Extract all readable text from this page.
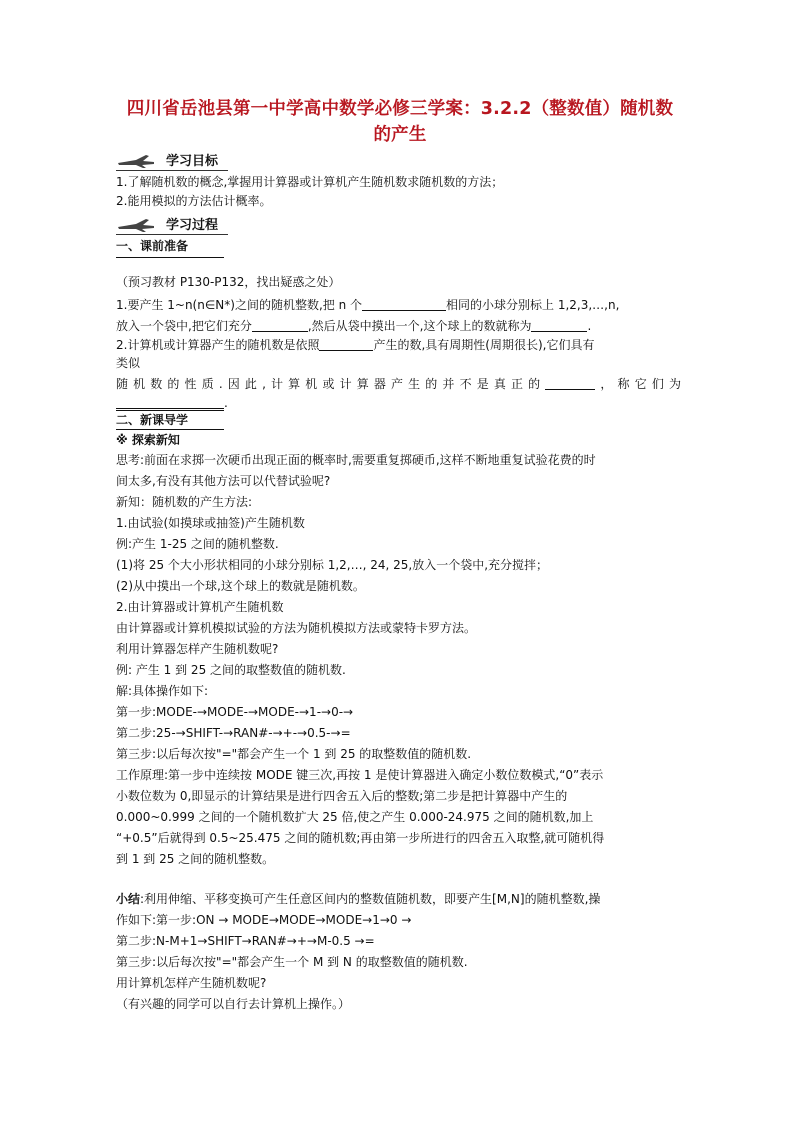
四川省岳池县第一中学高中数学必修三学案：3.2.2（整数值）随机数
的产生
学习目标
1.了解随机数的概念,掌握用计算器或计算机产生随机数求随机数的方法；
2.能用模拟的方法估计概率。
学习过程
一、课前准备
（预习教材 P130-P132，找出疑惑之处）
1.要产生 1~n(n∈N*)之间的随机整数,把 n 个	相同的小球分别标上 1,2,3,…,n,
放入一个袋中,把它们充分	,然后从袋中摸出一个,这个球上的数就称为	.
2.计算机或计算器产生的随机数是依照	产生的数,具有周期性(周期很长),它们具有
类似
随机数的性质.因此,计算机或计算器产生的并不是真正的	，称它们为
.
二、新课导学
※ 探索新知
思考:前面在求掷一次硬币出现正面的概率时,需要重复掷硬币,这样不断地重复试验花费的时
间太多,有没有其他方法可以代替试验呢?
新知：随机数的产生方法:
1.由试验(如摸球或抽签)产生随机数
例:产生 1-25 之间的随机整数.
(1)将 25 个大小形状相同的小球分别标 1,2,…, 24, 25,放入一个袋中,充分搅拌；
(2)从中摸出一个球,这个球上的数就是随机数。
2.由计算器或计算机产生随机数
由计算器或计算机模拟试验的方法为随机模拟方法或蒙特卡罗方法。
利用计算器怎样产生随机数呢?
例: 产生 1 到 25 之间的取整数值的随机数.
解:具体操作如下:
第一步:MODE-→MODE-→MODE-→1-→0-→
第二步:25-→SHIFT-→RAN#-→+-→0.5-→=
第三步:以后每次按"="都会产生一个 1 到 25 的取整数值的随机数.
工作原理:第一步中连续按 MODE 键三次,再按 1 是使计算器进入确定小数位数模式,“0”表示
小数位数为 0,即显示的计算结果是进行四舍五入后的整数;第二步是把计算器中产生的
0.000~0.999 之间的一个随机数扩大 25 倍,使之产生 0.000-24.975 之间的随机数,加上
“+0.5”后就得到 0.5~25.475 之间的随机数;再由第一步所进行的四舍五入取整,就可随机得
到 1 到 25 之间的随机整数。
小结:利用伸缩、平移变换可产生任意区间内的整数值随机数，即要产生[M,N]的随机整数,操
作如下:第一步:ON → MODE→MODE→MODE→1→0 →
第二步:N-M+1→SHIFT→RAN#→+→M-0.5 →=
第三步:以后每次按"="都会产生一个 M 到 N 的取整数值的随机数.
用计算机怎样产生随机数呢?
（有兴趣的同学可以自行去计算机上操作。）
